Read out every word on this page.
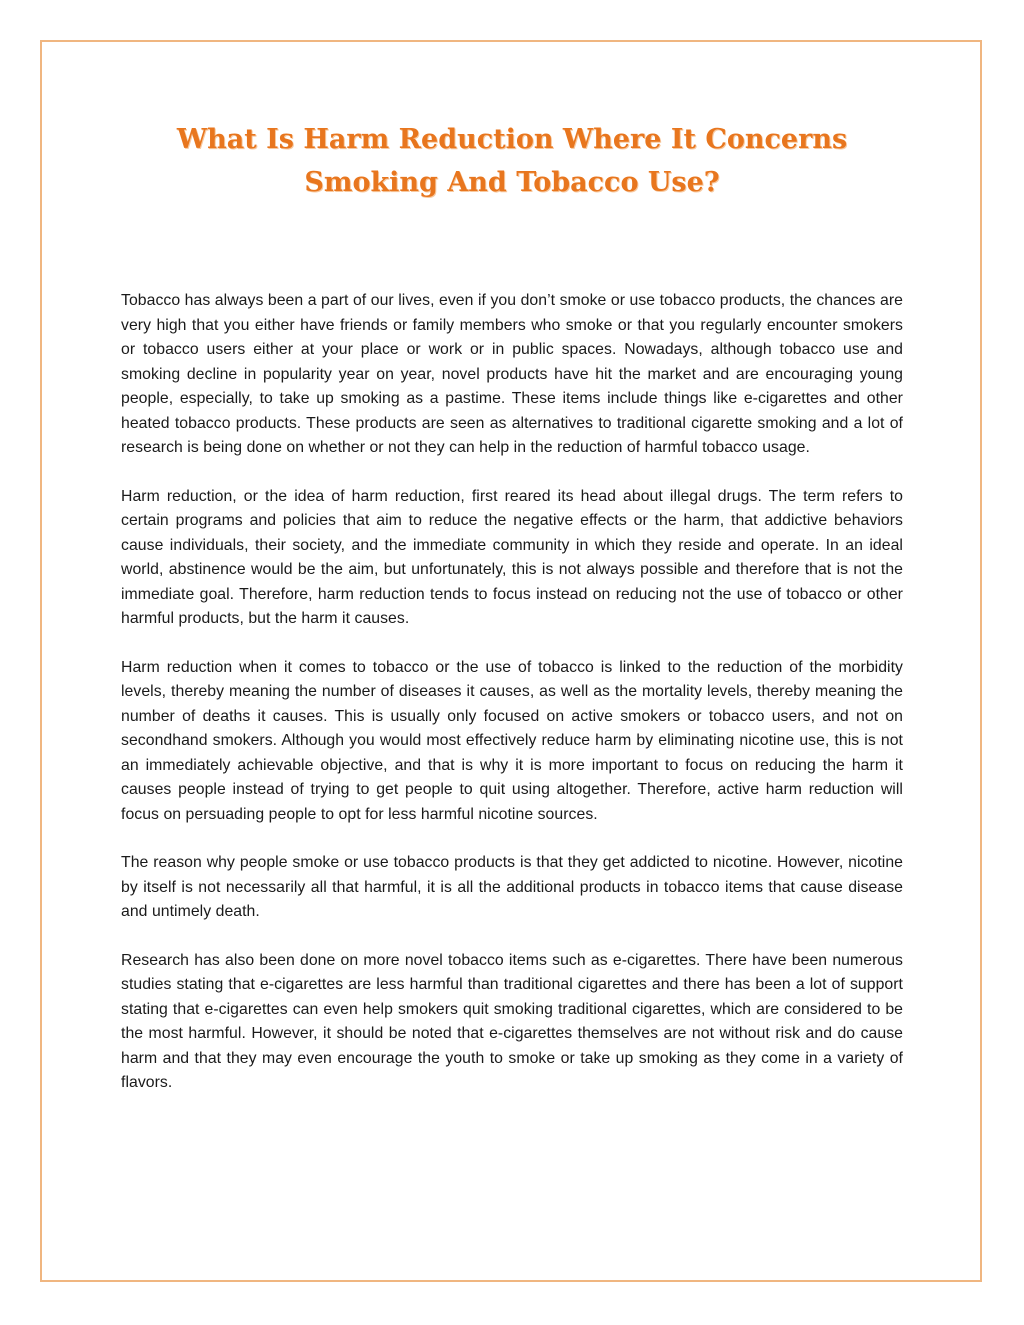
What Is Harm Reduction Where It Concerns
Smoking And Tobacco Use?

Tobacco has always been a part of our lives, even if you don’t smoke or use tobacco products, the chances are very high that you either have friends or family members who smoke or that you regularly encounter smokers or tobacco users either at your place or work or in public spaces. Nowadays, although tobacco use and smoking decline in popularity year on year, novel products have hit the market and are encouraging young people, especially, to take up smoking as a pastime. These items include things like e-cigarettes and other heated tobacco products. These products are seen as alternatives to traditional cigarette smoking and a lot of research is being done on whether or not they can help in the reduction of harmful tobacco usage.

Harm reduction, or the idea of harm reduction, first reared its head about illegal drugs. The term refers to certain programs and policies that aim to reduce the negative effects or the harm, that addictive behaviors cause individuals, their society, and the immediate community in which they reside and operate. In an ideal world, abstinence would be the aim, but unfortunately, this is not always possible and therefore that is not the immediate goal. Therefore, harm reduction tends to focus instead on reducing not the use of tobacco or other harmful products, but the harm it causes.

Harm reduction when it comes to tobacco or the use of tobacco is linked to the reduction of the morbidity levels, thereby meaning the number of diseases it causes, as well as the mortality levels, thereby meaning the number of deaths it causes. This is usually only focused on active smokers or tobacco users, and not on secondhand smokers. Although you would most effectively reduce harm by eliminating nicotine use, this is not an immediately achievable objective, and that is why it is more important to focus on reducing the harm it causes people instead of trying to get people to quit using altogether. Therefore, active harm reduction will focus on persuading people to opt for less harmful nicotine sources.

The reason why people smoke or use tobacco products is that they get addicted to nicotine. However, nicotine by itself is not necessarily all that harmful, it is all the additional products in tobacco items that cause disease and untimely death.

Research has also been done on more novel tobacco items such as e-cigarettes. There have been numerous studies stating that e-cigarettes are less harmful than traditional cigarettes and there has been a lot of support stating that e-cigarettes can even help smokers quit smoking traditional cigarettes, which are considered to be the most harmful. However, it should be noted that e-cigarettes themselves are not without risk and do cause harm and that they may even encourage the youth to smoke or take up smoking as they come in a variety of flavors.
